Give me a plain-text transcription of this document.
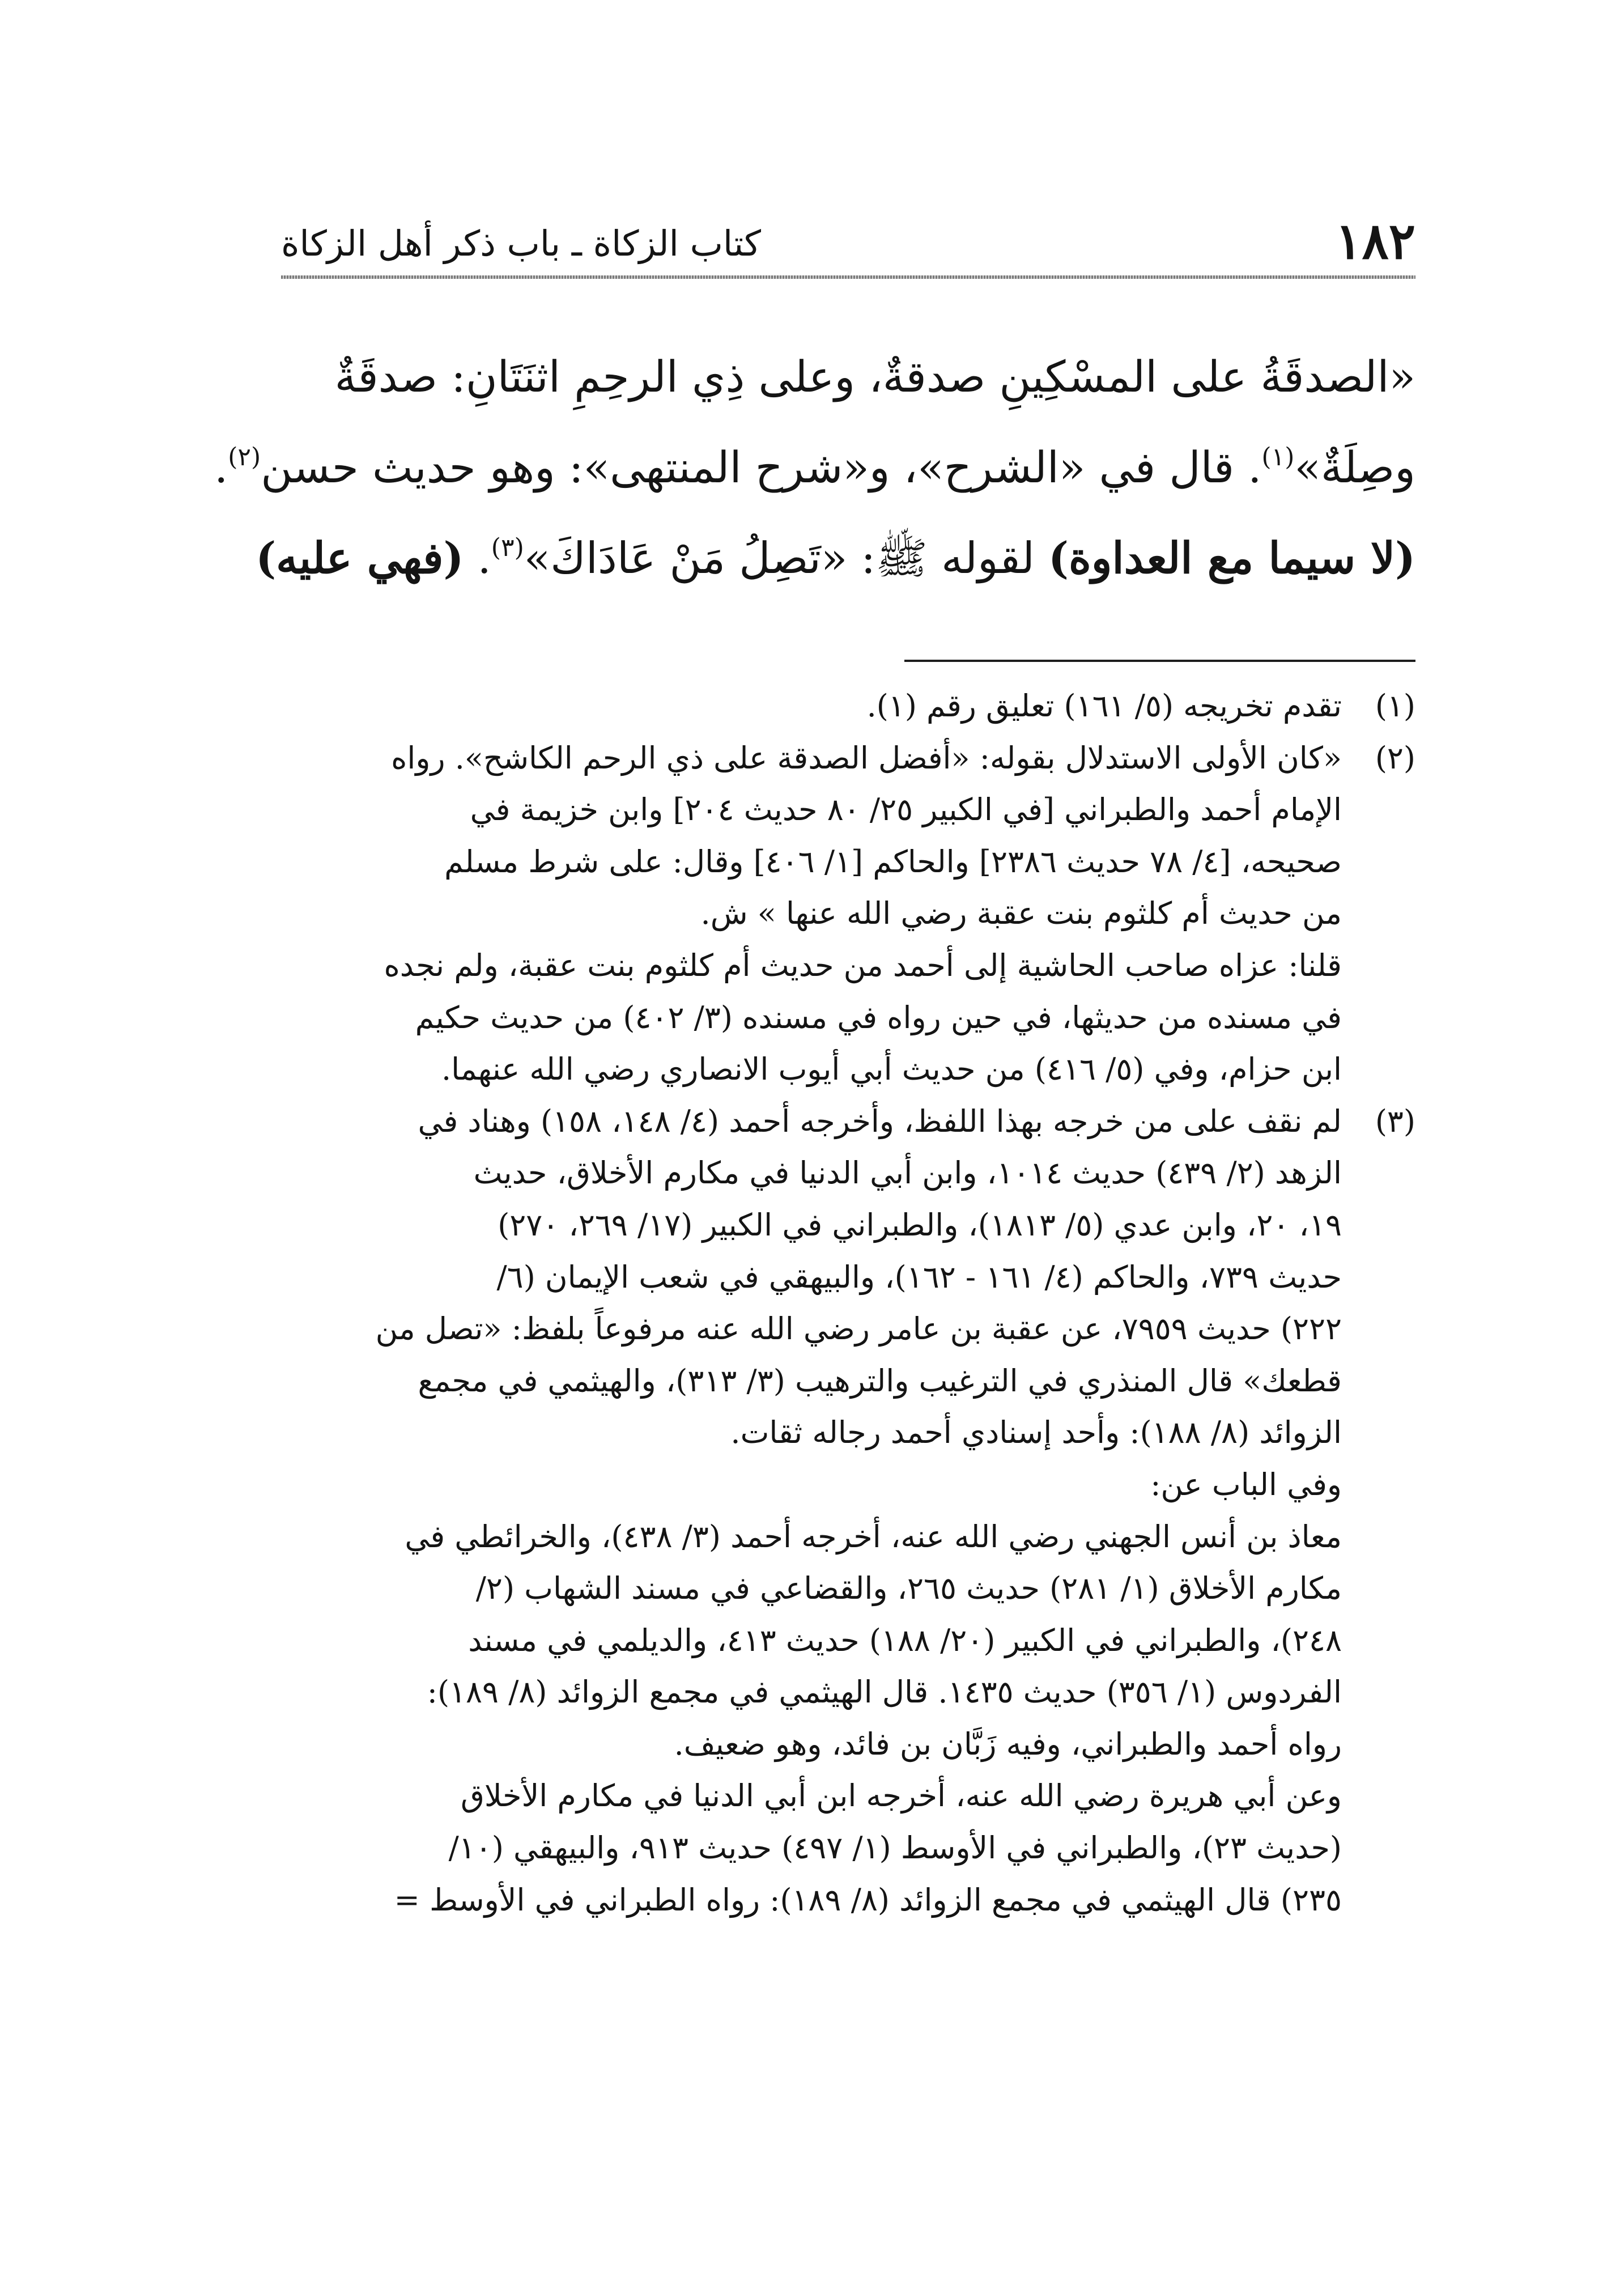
١٨٢
كتاب الزكاة ـ باب ذكر أهل الزكاة
«الصدقَةُ على المسْكِينِ صدقةٌ، وعلى ذِي الرحِمِ اثنَتَانِ: صدقَةٌ
وصِلَةٌ»$^{(١)}$. قال في «الشرح»، و«شرح المنتهى»: وهو حديث حسن$^{(٢)}$.
(لا سيما مع العداوة) لقوله ﷺ: «تَصِلُ مَنْ عَادَاكَ»$^{(٣)}$. (فهي عليه)
(١)
تقدم تخريجه (٥/ ١٦١) تعليق رقم (١).
(٢)
«كان الأولى الاستدلال بقوله: «أفضل الصدقة على ذي الرحم الكاشح». رواه
الإمام أحمد والطبراني [في الكبير ٢٥/ ٨٠ حديث ٢٠٤] وابن خزيمة في
صحيحه، [٤/ ٧٨ حديث ٢٣٨٦] والحاكم [١/ ٤٠٦] وقال: على شرط مسلم
من حديث أم كلثوم بنت عقبة رضي الله عنها » ش.
قلنا: عزاه صاحب الحاشية إلى أحمد من حديث أم كلثوم بنت عقبة، ولم نجده
في مسنده من حديثها، في حين رواه في مسنده (٣/ ٤٠٢) من حديث حكيم
ابن حزام، وفي (٥/ ٤١٦) من حديث أبي أيوب الانصاري رضي الله عنهما.
(٣)
لم نقف على من خرجه بهذا اللفظ، وأخرجه أحمد (٤/ ١٤٨، ١٥٨) وهناد في
الزهد (٢/ ٤٣٩) حديث ١٠١٤، وابن أبي الدنيا في مكارم الأخلاق، حديث
١٩، ٢٠، وابن عدي (٥/ ١٨١٣)، والطبراني في الكبير (١٧/ ٢٦٩، ٢٧٠)
حديث ٧٣٩، والحاكم (٤/ ١٦١ - ١٦٢)، والبيهقي في شعب الإيمان (٦/
٢٢٢) حديث ٧٩٥٩، عن عقبة بن عامر رضي الله عنه مرفوعاً بلفظ: «تصل من
قطعك» قال المنذري في الترغيب والترهيب (٣/ ٣١٣)، والهيثمي في مجمع
الزوائد (٨/ ١٨٨): وأحد إسنادي أحمد رجاله ثقات.
وفي الباب عن:
معاذ بن أنس الجهني رضي الله عنه، أخرجه أحمد (٣/ ٤٣٨)، والخرائطي في
مكارم الأخلاق (١/ ٢٨١) حديث ٢٦٥، والقضاعي في مسند الشهاب (٢/
٢٤٨)، والطبراني في الكبير (٢٠/ ١٨٨) حديث ٤١٣، والديلمي في مسند
الفردوس (١/ ٣٥٦) حديث ١٤٣٥. قال الهيثمي في مجمع الزوائد (٨/ ١٨٩):
رواه أحمد والطبراني، وفيه زَبَّان بن فائد، وهو ضعيف.
وعن أبي هريرة رضي الله عنه، أخرجه ابن أبي الدنيا في مكارم الأخلاق
(حديث ٢٣)، والطبراني في الأوسط (١/ ٤٩٧) حديث ٩١٣، والبيهقي (١٠/
٢٣٥) قال الهيثمي في مجمع الزوائد (٨/ ١٨٩): رواه الطبراني في الأوسط =
